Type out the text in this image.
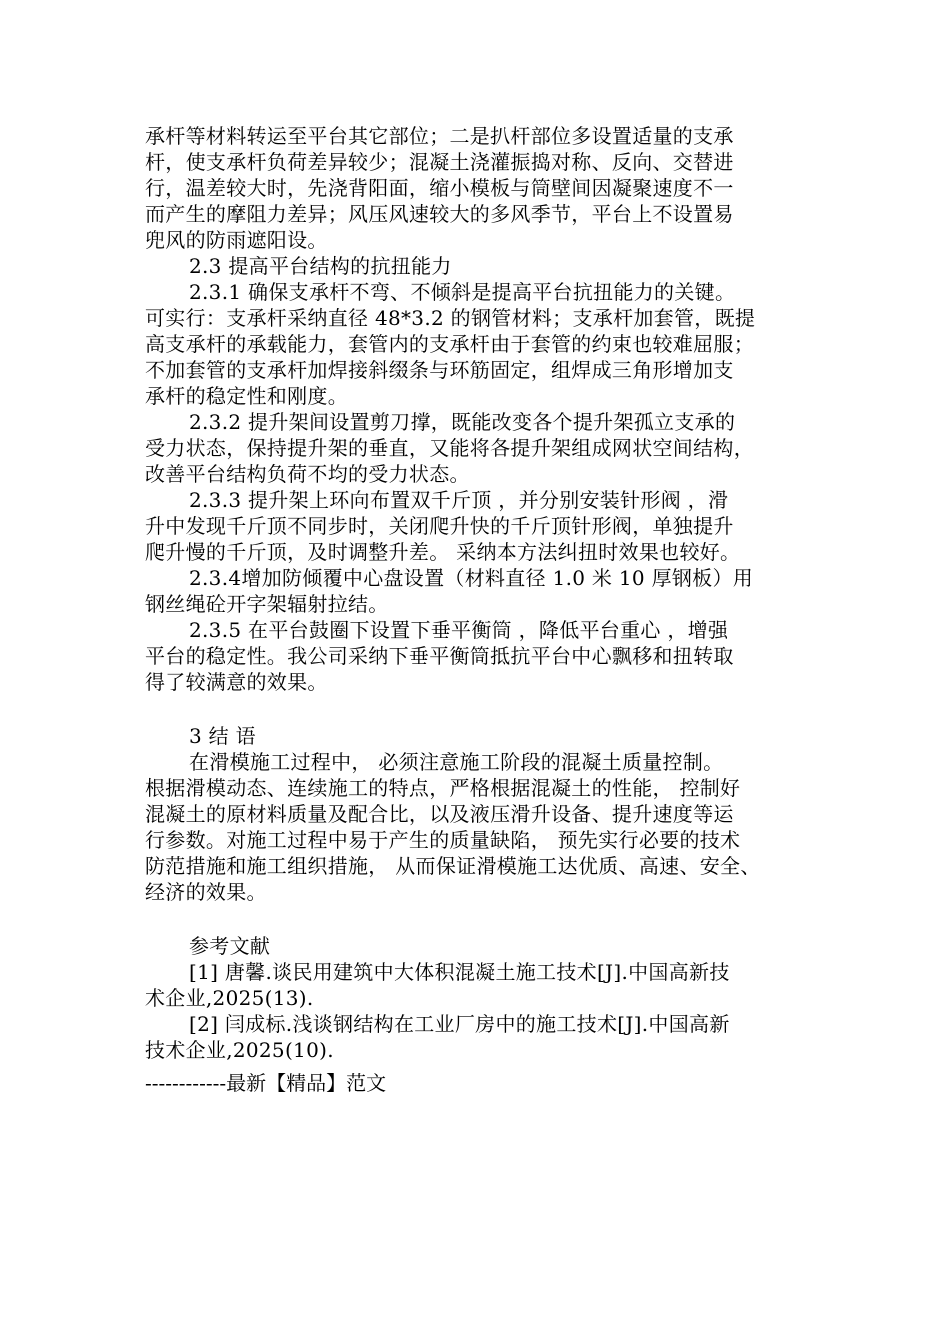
承杆等材料转运至平台其它部位；二是扒杆部位多设置适量的支承
杆，使支承杆负荷差异较少；混凝土浇灌振捣对称、反向、交替进
行，温差较大时，先浇背阳面，缩小模板与筒壁间因凝聚速度不一
而产生的摩阻力差异；风压风速较大的多风季节，平台上不设置易
兜风的防雨遮阳设。
2.3 提高平台结构的抗扭能力
2.3.1 确保支承杆不弯、不倾斜是提高平台抗扭能力的关键。
可实行：支承杆采纳直径 48*3.2 的钢管材料；支承杆加套管，既提
高支承杆的承载能力，套管内的支承杆由于套管的约束也较难屈服；
不加套管的支承杆加焊接斜缀条与环筋固定，组焊成三角形增加支
承杆的稳定性和刚度。
2.3.2 提升架间设置剪刀撑，既能改变各个提升架孤立支承的
受力状态，保持提升架的垂直，又能将各提升架组成网状空间结构，
改善平台结构负荷不均的受力状态。
2.3.3 提升架上环向布置双千斤顶 ，并分别安装针形阀 ，滑
升中发现千斤顶不同步时，关闭爬升快的千斤顶针形阀，单独提升
爬升慢的千斤顶，及时调整升差。 采纳本方法纠扭时效果也较好。
2.3.4增加防倾覆中心盘设置（材料直径 1.0 米 10 厚钢板）用
钢丝绳砼开字架辐射拉结。
2.3.5 在平台鼓圈下设置下垂平衡筒 ，降低平台重心 ，增强
平台的稳定性。我公司采纳下垂平衡筒抵抗平台中心飘移和扭转取
得了较满意的效果。
3 结 语
在滑模施工过程中， 必须注意施工阶段的混凝土质量控制。
根据滑模动态、连续施工的特点，严格根据混凝土的性能， 控制好
混凝土的原材料质量及配合比，以及液压滑升设备、提升速度等运
行参数。对施工过程中易于产生的质量缺陷， 预先实行必要的技术
防范措施和施工组织措施， 从而保证滑模施工达优质、高速、安全、
经济的效果。
参考文献
[1] 唐馨.谈民用建筑中大体积混凝土施工技术[J].中国高新技
术企业,2025(13).
[2] 闫成标.浅谈钢结构在工业厂房中的施工技术[J].中国高新
技术企业,2025(10).
------------最新【精品】范文
